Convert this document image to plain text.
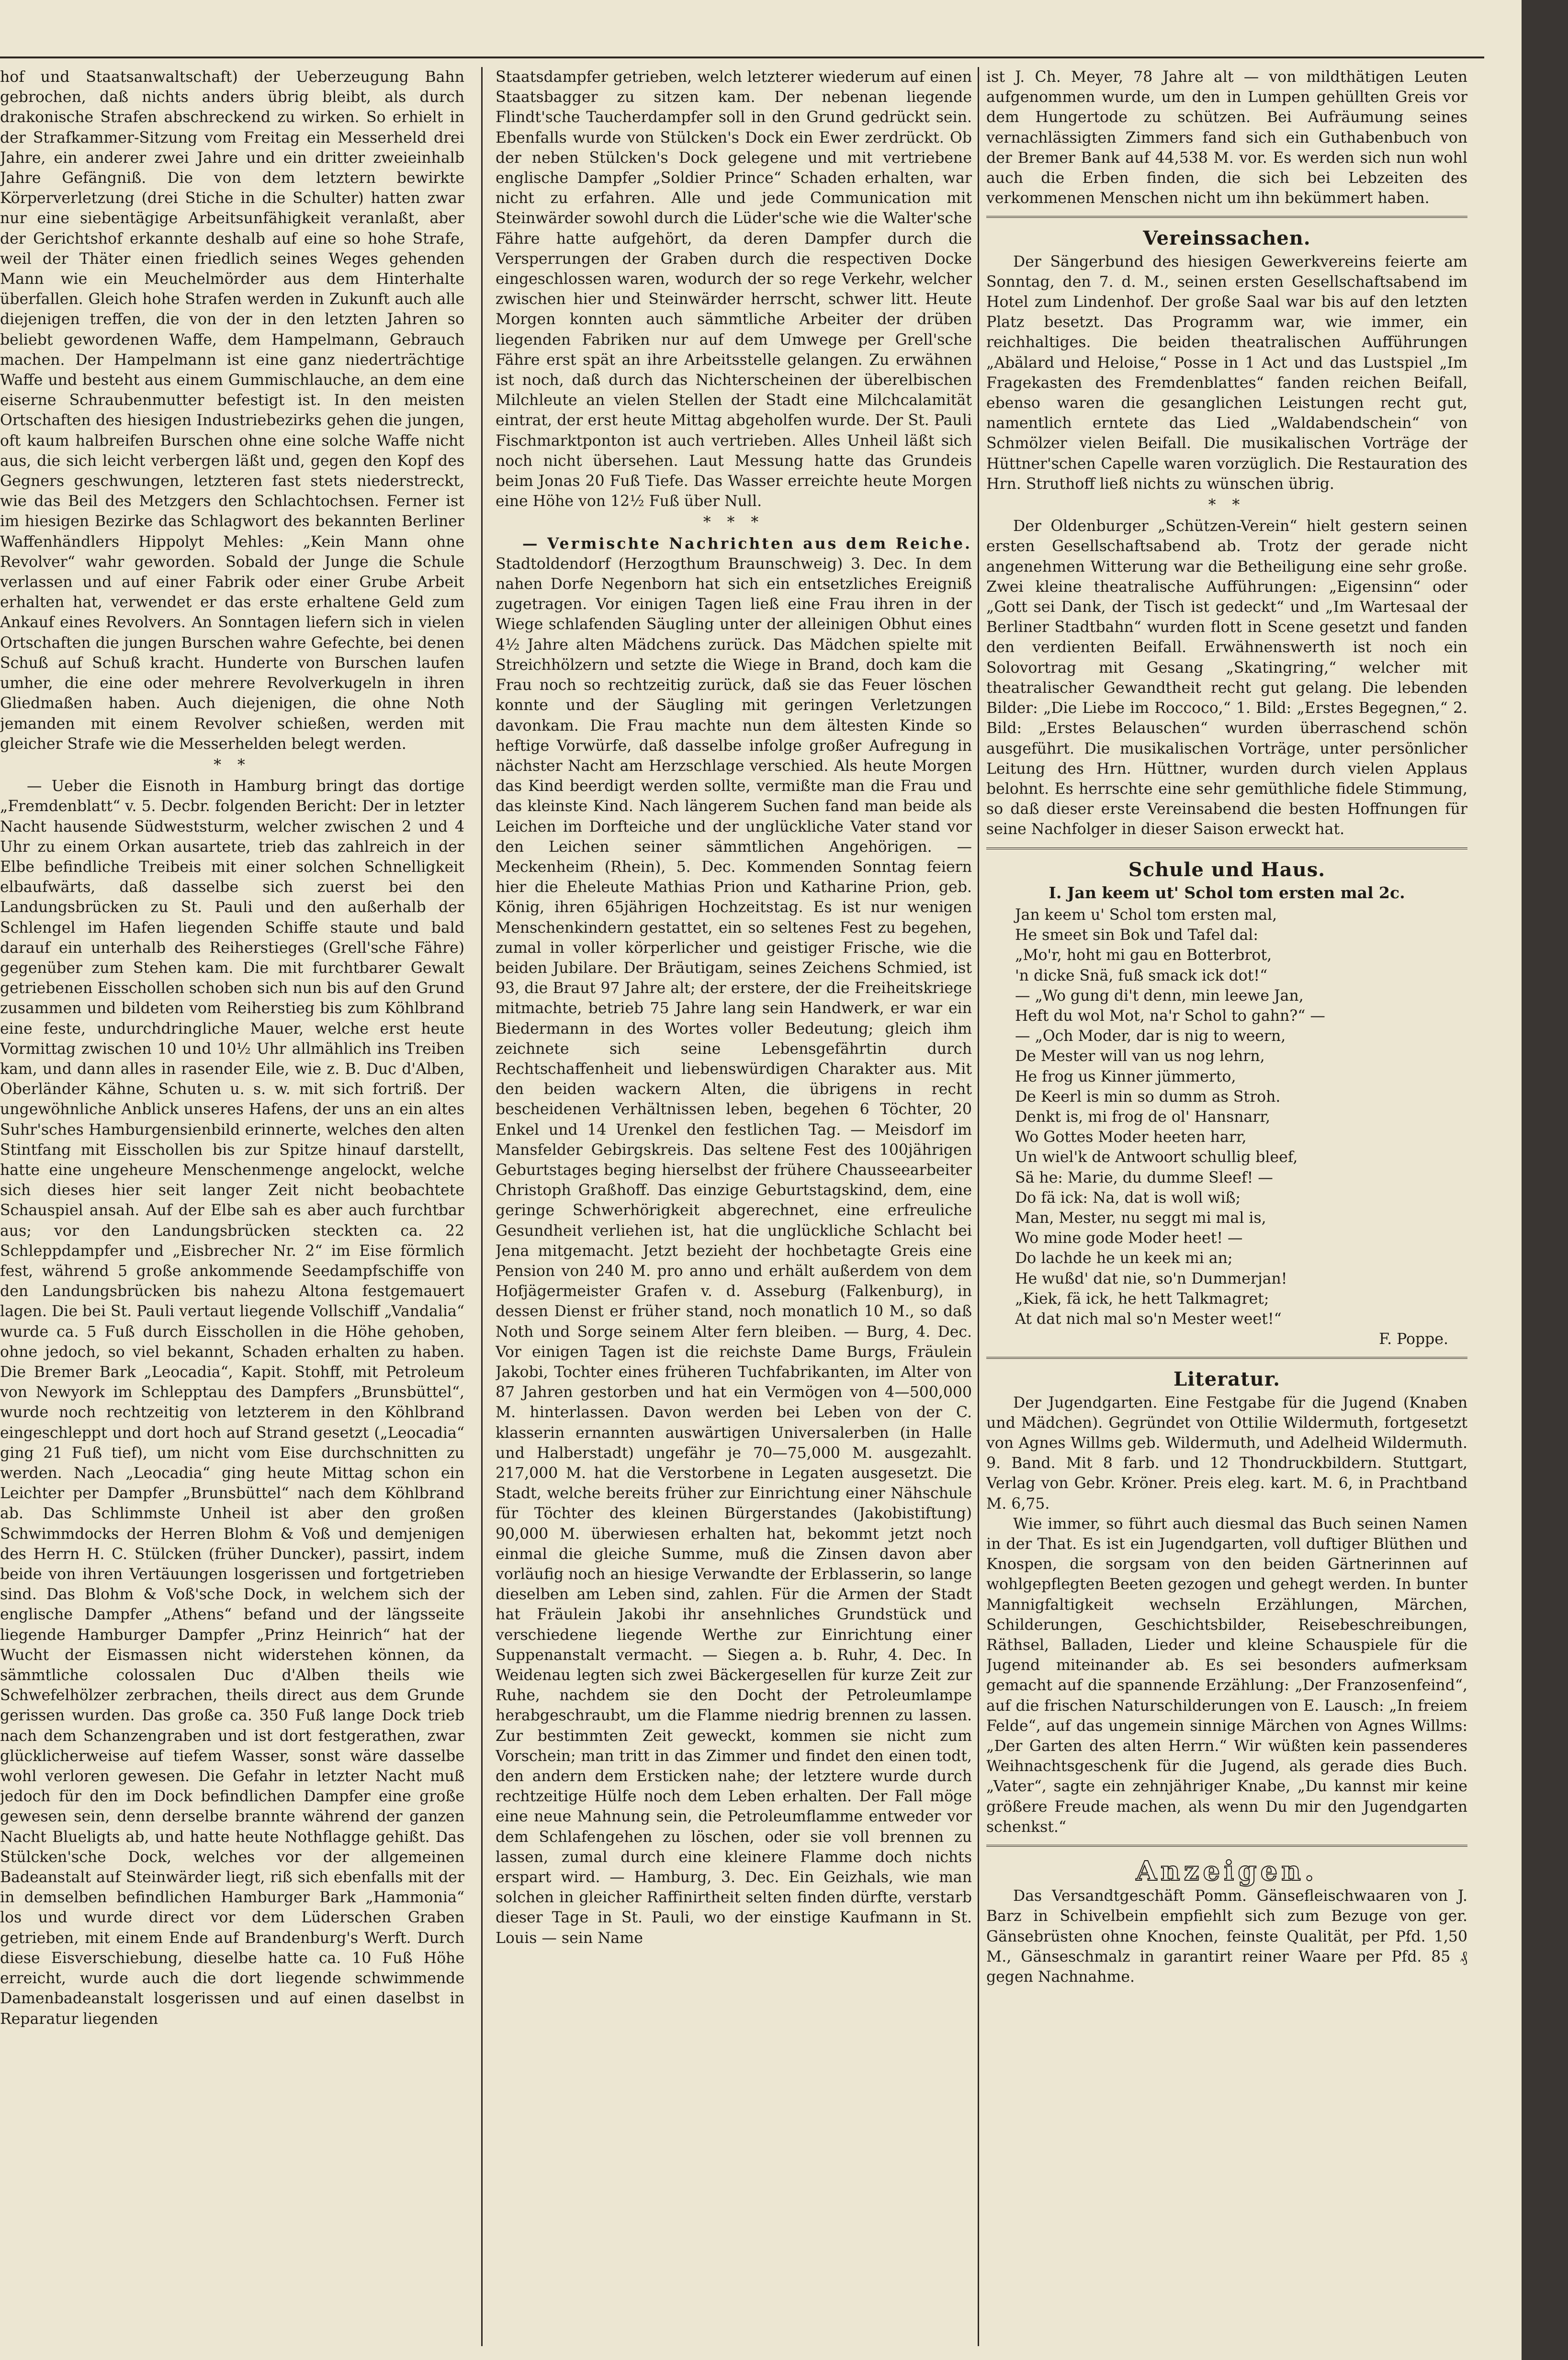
hof und Staatsanwaltschaft) der Ueberzeugung Bahn gebrochen, daß nichts anders übrig bleibt, als durch drakonische Strafen abschreckend zu wirken. So erhielt in der Strafkammer-Sitzung vom Freitag ein Messerheld drei Jahre, ein anderer zwei Jahre und ein dritter zweieinhalb Jahre Gefängniß. Die von dem letztern bewirkte Körperverletzung (drei Stiche in die Schulter) hatten zwar nur eine siebentägige Arbeitsunfähigkeit veranlaßt, aber der Gerichtshof erkannte deshalb auf eine so hohe Strafe, weil der Thäter einen friedlich seines Weges gehenden Mann wie ein Meuchelmörder aus dem Hinterhalte überfallen. Gleich hohe Strafen werden in Zukunft auch alle diejenigen treffen, die von der in den letzten Jahren so beliebt gewordenen Waffe, dem Hampelmann, Gebrauch machen. Der Hampelmann ist eine ganz niederträchtige Waffe und besteht aus einem Gummischlauche, an dem eine eiserne Schraubenmutter befestigt ist. In den meisten Ortschaften des hiesigen Industriebezirks gehen die jungen, oft kaum halbreifen Burschen ohne eine solche Waffe nicht aus, die sich leicht verbergen läßt und, gegen den Kopf des Gegners geschwungen, letzteren fast stets niederstreckt, wie das Beil des Metzgers den Schlachtochsen. Ferner ist im hiesigen Bezirke das Schlagwort des bekannten Berliner Waffenhändlers Hippolyt Mehles: „Kein Mann ohne Revolver“ wahr geworden. Sobald der Junge die Schule verlassen und auf einer Fabrik oder einer Grube Arbeit erhalten hat, verwendet er das erste erhaltene Geld zum Ankauf eines Revolvers. An Sonntagen liefern sich in vielen Ortschaften die jungen Burschen wahre Gefechte, bei denen Schuß auf Schuß kracht. Hunderte von Burschen laufen umher, die eine oder mehrere Revolverkugeln in ihren Gliedmaßen haben. Auch diejenigen, die ohne Noth jemanden mit einem Revolver schießen, werden mit gleicher Strafe wie die Messerhelden belegt werden.

* *

— Ueber die Eisnoth in Hamburg bringt das dortige „Fremdenblatt“ v. 5. Decbr. folgenden Bericht: Der in letzter Nacht hausende Südweststurm, welcher zwischen 2 und 4 Uhr zu einem Orkan ausartete, trieb das zahlreich in der Elbe befindliche Treibeis mit einer solchen Schnelligkeit elbaufwärts, daß dasselbe sich zuerst bei den Landungsbrücken zu St. Pauli und den außerhalb der Schlengel im Hafen liegenden Schiffe staute und bald darauf ein unterhalb des Reiherstieges (Grell'sche Fähre) gegenüber zum Stehen kam. Die mit furchtbarer Gewalt getriebenen Eisschollen schoben sich nun bis auf den Grund zusammen und bildeten vom Reiherstieg bis zum Köhlbrand eine feste, undurchdringliche Mauer, welche erst heute Vormittag zwischen 10 und 10½ Uhr allmählich ins Treiben kam, und dann alles in rasender Eile, wie z. B. Duc d'Alben, Oberländer Kähne, Schuten u. s. w. mit sich fortriß. Der ungewöhnliche Anblick unseres Hafens, der uns an ein altes Suhr'sches Hamburgensienbild erinnerte, welches den alten Stintfang mit Eisschollen bis zur Spitze hinauf darstellt, hatte eine ungeheure Menschenmenge angelockt, welche sich dieses hier seit langer Zeit nicht beobachtete Schauspiel ansah. Auf der Elbe sah es aber auch furchtbar aus; vor den Landungsbrücken steckten ca. 22 Schleppdampfer und „Eisbrecher Nr. 2“ im Eise förmlich fest, während 5 große ankommende Seedampfschiffe von den Landungsbrücken bis nahezu Altona festgemauert lagen. Die bei St. Pauli vertaut liegende Vollschiff „Vandalia“ wurde ca. 5 Fuß durch Eisschollen in die Höhe gehoben, ohne jedoch, so viel bekannt, Schaden erhalten zu haben. Die Bremer Bark „Leocadia“, Kapit. Stohff, mit Petroleum von Newyork im Schlepptau des Dampfers „Brunsbüttel“, wurde noch rechtzeitig von letzterem in den Köhlbrand eingeschleppt und dort hoch auf Strand gesetzt („Leocadia“ ging 21 Fuß tief), um nicht vom Eise durchschnitten zu werden. Nach „Leocadia“ ging heute Mittag schon ein Leichter per Dampfer „Brunsbüttel“ nach dem Köhlbrand ab. Das Schlimmste Unheil ist aber den großen Schwimmdocks der Herren Blohm & Voß und demjenigen des Herrn H. C. Stülcken (früher Duncker), passirt, indem beide von ihren Vertäuungen losgerissen und fortgetrieben sind. Das Blohm & Voß'sche Dock, in welchem sich der englische Dampfer „Athens“ befand und der längsseite liegende Hamburger Dampfer „Prinz Heinrich“ hat der Wucht der Eismassen nicht widerstehen können, da sämmtliche colossalen Duc d'Alben theils wie Schwefelhölzer zerbrachen, theils direct aus dem Grunde gerissen wurden. Das große ca. 350 Fuß lange Dock trieb nach dem Schanzengraben und ist dort festgerathen, zwar glücklicherweise auf tiefem Wasser, sonst wäre dasselbe wohl verloren gewesen. Die Gefahr in letzter Nacht muß jedoch für den im Dock befindlichen Dampfer eine große gewesen sein, denn derselbe brannte während der ganzen Nacht Blueligts ab, und hatte heute Nothflagge gehißt. Das Stülcken'sche Dock, welches vor der allgemeinen Badeanstalt auf Steinwärder liegt, riß sich ebenfalls mit der in demselben befindlichen Hamburger Bark „Hammonia“ los und wurde direct vor dem Lüderschen Graben getrieben, mit einem Ende auf Brandenburg's Werft. Durch diese Eisverschiebung, dieselbe hatte ca. 10 Fuß Höhe erreicht, wurde auch die dort liegende schwimmende Damenbadeanstalt losgerissen und auf einen daselbst in Reparatur liegenden

Staatsdampfer getrieben, welch letzterer wiederum auf einen Staatsbagger zu sitzen kam. Der nebenan liegende Flindt'sche Taucherdampfer soll in den Grund gedrückt sein. Ebenfalls wurde von Stülcken's Dock ein Ewer zerdrückt. Ob der neben Stülcken's Dock gelegene und mit vertriebene englische Dampfer „Soldier Prince“ Schaden erhalten, war nicht zu erfahren. Alle und jede Communication mit Steinwärder sowohl durch die Lüder'sche wie die Walter'sche Fähre hatte aufgehört, da deren Dampfer durch die Versperrungen der Graben durch die respectiven Docke eingeschlossen waren, wodurch der so rege Verkehr, welcher zwischen hier und Steinwärder herrscht, schwer litt. Heute Morgen konnten auch sämmtliche Arbeiter der drüben liegenden Fabriken nur auf dem Umwege per Grell'sche Fähre erst spät an ihre Arbeitsstelle gelangen. Zu erwähnen ist noch, daß durch das Nichterscheinen der überelbischen Milchleute an vielen Stellen der Stadt eine Milchcalamität eintrat, der erst heute Mittag abgeholfen wurde. Der St. Pauli Fischmarktponton ist auch vertrieben. Alles Unheil läßt sich noch nicht übersehen. Laut Messung hatte das Grundeis beim Jonas 20 Fuß Tiefe. Das Wasser erreichte heute Morgen eine Höhe von 12½ Fuß über Null.

* * *

— Vermischte Nachrichten aus dem Reiche. Stadtoldendorf (Herzogthum Braunschweig) 3. Dec. In dem nahen Dorfe Negenborn hat sich ein entsetzliches Ereigniß zugetragen. Vor einigen Tagen ließ eine Frau ihren in der Wiege schlafenden Säugling unter der alleinigen Obhut eines 4½ Jahre alten Mädchens zurück. Das Mädchen spielte mit Streichhölzern und setzte die Wiege in Brand, doch kam die Frau noch so rechtzeitig zurück, daß sie das Feuer löschen konnte und der Säugling mit geringen Verletzungen davonkam. Die Frau machte nun dem ältesten Kinde so heftige Vorwürfe, daß dasselbe infolge großer Aufregung in nächster Nacht am Herzschlage verschied. Als heute Morgen das Kind beerdigt werden sollte, vermißte man die Frau und das kleinste Kind. Nach längerem Suchen fand man beide als Leichen im Dorfteiche und der unglückliche Vater stand vor den Leichen seiner sämmtlichen Angehörigen. — Meckenheim (Rhein), 5. Dec. Kommenden Sonntag feiern hier die Eheleute Mathias Prion und Katharine Prion, geb. König, ihren 65jährigen Hochzeitstag. Es ist nur wenigen Menschenkindern gestattet, ein so seltenes Fest zu begehen, zumal in voller körperlicher und geistiger Frische, wie die beiden Jubilare. Der Bräutigam, seines Zeichens Schmied, ist 93, die Braut 97 Jahre alt; der erstere, der die Freiheitskriege mitmachte, betrieb 75 Jahre lang sein Handwerk, er war ein Biedermann in des Wortes voller Bedeutung; gleich ihm zeichnete sich seine Lebensgefährtin durch Rechtschaffenheit und liebenswürdigen Charakter aus. Mit den beiden wackern Alten, die übrigens in recht bescheidenen Verhältnissen leben, begehen 6 Töchter, 20 Enkel und 14 Urenkel den festlichen Tag. — Meisdorf im Mansfelder Gebirgskreis. Das seltene Fest des 100jährigen Geburtstages beging hierselbst der frühere Chausseearbeiter Christoph Graßhoff. Das einzige Geburtstagskind, dem, eine geringe Schwerhörigkeit abgerechnet, eine erfreuliche Gesundheit verliehen ist, hat die unglückliche Schlacht bei Jena mitgemacht. Jetzt bezieht der hochbetagte Greis eine Pension von 240 M. pro anno und erhält außerdem von dem Hofjägermeister Grafen v. d. Asseburg (Falkenburg), in dessen Dienst er früher stand, noch monatlich 10 M., so daß Noth und Sorge seinem Alter fern bleiben. — Burg, 4. Dec. Vor einigen Tagen ist die reichste Dame Burgs, Fräulein Jakobi, Tochter eines früheren Tuchfabrikanten, im Alter von 87 Jahren gestorben und hat ein Vermögen von 4—500,000 M. hinterlassen. Davon werden bei Leben von der C. klasserin ernannten auswärtigen Universalerben (in Halle und Halberstadt) ungefähr je 70—75,000 M. ausgezahlt. 217,000 M. hat die Verstorbene in Legaten ausgesetzt. Die Stadt, welche bereits früher zur Einrichtung einer Nähschule für Töchter des kleinen Bürgerstandes (Jakobistiftung) 90,000 M. überwiesen erhalten hat, bekommt jetzt noch einmal die gleiche Summe, muß die Zinsen davon aber vorläufig noch an hiesige Verwandte der Erblasserin, so lange dieselben am Leben sind, zahlen. Für die Armen der Stadt hat Fräulein Jakobi ihr ansehnliches Grundstück und verschiedene liegende Werthe zur Einrichtung einer Suppenanstalt vermacht. — Siegen a. b. Ruhr, 4. Dec. In Weidenau legten sich zwei Bäckergesellen für kurze Zeit zur Ruhe, nachdem sie den Docht der Petroleumlampe herabgeschraubt, um die Flamme niedrig brennen zu lassen. Zur bestimmten Zeit geweckt, kommen sie nicht zum Vorschein; man tritt in das Zimmer und findet den einen todt, den andern dem Ersticken nahe; der letztere wurde durch rechtzeitige Hülfe noch dem Leben erhalten. Der Fall möge eine neue Mahnung sein, die Petroleumflamme entweder vor dem Schlafengehen zu löschen, oder sie voll brennen zu lassen, zumal durch eine kleinere Flamme doch nichts erspart wird. — Hamburg, 3. Dec. Ein Geizhals, wie man solchen in gleicher Raffinirtheit selten finden dürfte, verstarb dieser Tage in St. Pauli, wo der einstige Kaufmann in St. Louis — sein Name

ist J. Ch. Meyer, 78 Jahre alt — von mildthätigen Leuten aufgenommen wurde, um den in Lumpen gehüllten Greis vor dem Hungertode zu schützen. Bei Aufräumung seines vernachlässigten Zimmers fand sich ein Guthabenbuch von der Bremer Bank auf 44,538 M. vor. Es werden sich nun wohl auch die Erben finden, die sich bei Lebzeiten des verkommenen Menschen nicht um ihn bekümmert haben.

Vereinssachen.

Der Sängerbund des hiesigen Gewerkvereins feierte am Sonntag, den 7. d. M., seinen ersten Gesellschaftsabend im Hotel zum Lindenhof. Der große Saal war bis auf den letzten Platz besetzt. Das Programm war, wie immer, ein reichhaltiges. Die beiden theatralischen Aufführungen „Abälard und Heloise,“ Posse in 1 Act und das Lustspiel „Im Fragekasten des Fremdenblattes“ fanden reichen Beifall, ebenso waren die gesanglichen Leistungen recht gut, namentlich erntete das Lied „Waldabendschein“ von Schmölzer vielen Beifall. Die musikalischen Vorträge der Hüttner'schen Capelle waren vorzüglich. Die Restauration des Hrn. Struthoff ließ nichts zu wünschen übrig.

* *

Der Oldenburger „Schützen-Verein“ hielt gestern seinen ersten Gesellschaftsabend ab. Trotz der gerade nicht angenehmen Witterung war die Betheiligung eine sehr große. Zwei kleine theatralische Aufführungen: „Eigensinn“ oder „Gott sei Dank, der Tisch ist gedeckt“ und „Im Wartesaal der Berliner Stadtbahn“ wurden flott in Scene gesetzt und fanden den verdienten Beifall. Erwähnenswerth ist noch ein Solovortrag mit Gesang „Skatingring,“ welcher mit theatralischer Gewandtheit recht gut gelang. Die lebenden Bilder: „Die Liebe im Roccoco,“ 1. Bild: „Erstes Begegnen,“ 2. Bild: „Erstes Belauschen“ wurden überraschend schön ausgeführt. Die musikalischen Vorträge, unter persönlicher Leitung des Hrn. Hüttner, wurden durch vielen Applaus belohnt. Es herrschte eine sehr gemüthliche fidele Stimmung, so daß dieser erste Vereinsabend die besten Hoffnungen für seine Nachfolger in dieser Saison erweckt hat.

Schule und Haus.
I. Jan keem ut' Schol tom ersten mal 2c.

Jan keem u' Schol tom ersten mal,

He smeet sin Bok und Tafel dal:

„Mo'r, hoht mi gau en Botterbrot,

'n dicke Snä, fuß smack ick dot!“

— „Wo gung di't denn, min leewe Jan,

Heft du wol Mot, na'r Schol to gahn?“ —

— „Och Moder, dar is nig to weern,

De Mester will van us nog lehrn,

He frog us Kinner jümmerto,

De Keerl is min so dumm as Stroh.

Denkt is, mi frog de ol' Hansnarr,

Wo Gottes Moder heeten harr,

Un wiel'k de Antwoort schullig bleef,

Sä he: Marie, du dumme Sleef! —

Do fä ick: Na, dat is woll wiß;

Man, Mester, nu seggt mi mal is,

Wo mine gode Moder heet! —

Do lachde he un keek mi an;

He wußd' dat nie, so'n Dummerjan!

„Kiek, fä ick, he hett Talkmagret;

At dat nich mal so'n Mester weet!“

F. Poppe.

Literatur.

Der Jugendgarten. Eine Festgabe für die Jugend (Knaben und Mädchen). Gegründet von Ottilie Wildermuth, fortgesetzt von Agnes Willms geb. Wildermuth, und Adelheid Wildermuth. 9. Band. Mit 8 farb. und 12 Thondruckbildern. Stuttgart, Verlag von Gebr. Kröner. Preis eleg. kart. M. 6, in Prachtband M. 6,75.

Wie immer, so führt auch diesmal das Buch seinen Namen in der That. Es ist ein Jugendgarten, voll duftiger Blüthen und Knospen, die sorgsam von den beiden Gärtnerinnen auf wohlgepflegten Beeten gezogen und gehegt werden. In bunter Mannigfaltigkeit wechseln Erzählungen, Märchen, Schilderungen, Geschichtsbilder, Reisebeschreibungen, Räthsel, Balladen, Lieder und kleine Schauspiele für die Jugend miteinander ab. Es sei besonders aufmerksam gemacht auf die spannende Erzählung: „Der Franzosenfeind“, auf die frischen Naturschilderungen von E. Lausch: „In freiem Felde“, auf das ungemein sinnige Märchen von Agnes Willms: „Der Garten des alten Herrn.“ Wir wüßten kein passenderes Weihnachtsgeschenk für die Jugend, als gerade dies Buch. „Vater“, sagte ein zehnjähriger Knabe, „Du kannst mir keine größere Freude machen, als wenn Du mir den Jugendgarten schenkst.“

Anzeigen.

Das Versandtgeschäft Pomm. Gänsefleischwaaren von J. Barz in Schivelbein empfiehlt sich zum Bezuge von ger. Gänsebrüsten ohne Knochen, feinste Qualität, per Pfd. 1,50 M., Gänseschmalz in garantirt reiner Waare per Pfd. 85 ₰ gegen Nachnahme.
